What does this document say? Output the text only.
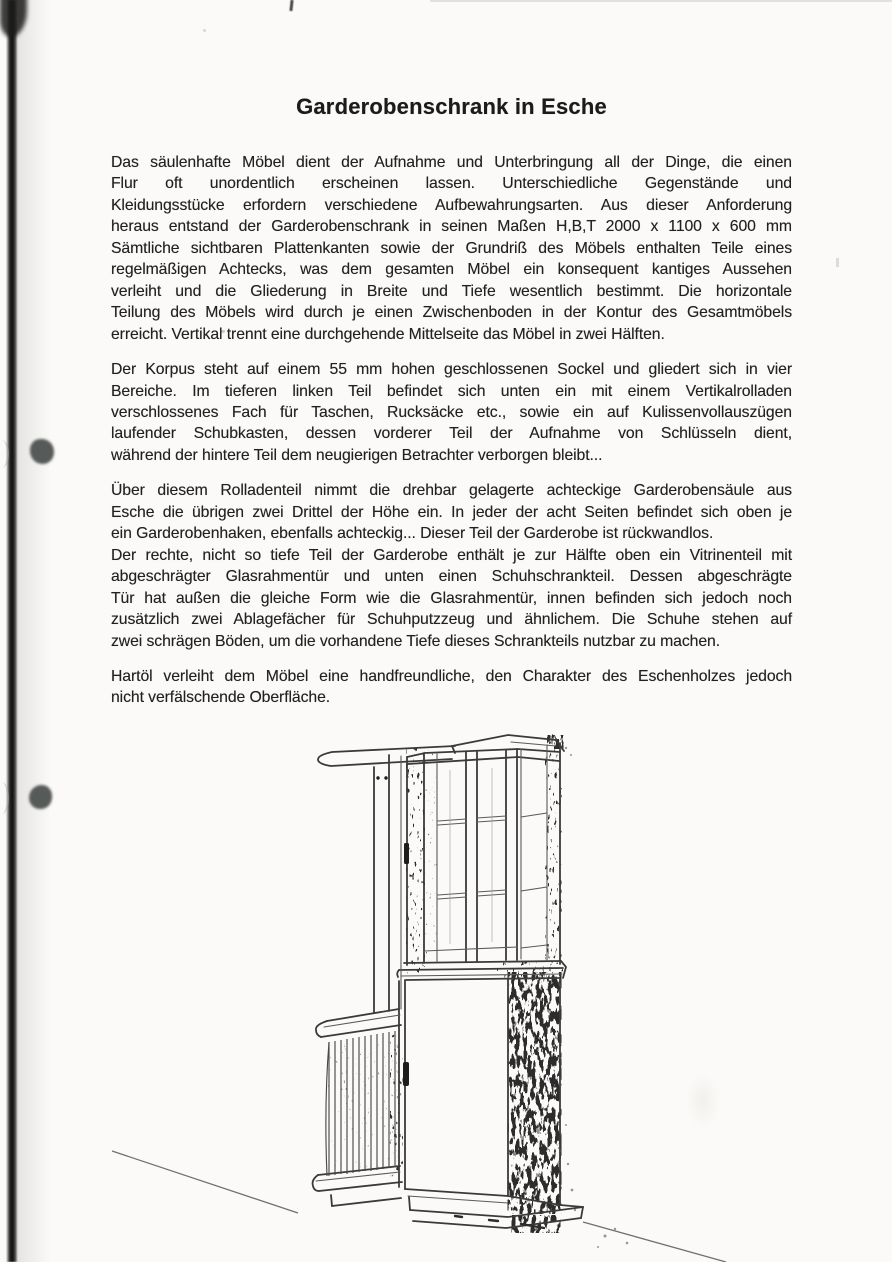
Garderobenschrank in Esche
Das säulenhafte Möbel dient der Aufnahme und Unterbringung all der Dinge, die einen
Flur oft unordentlich erscheinen lassen. Unterschiedliche Gegenstände und
Kleidungsstücke erfordern verschiedene Aufbewahrungsarten. Aus dieser Anforderung
heraus entstand der Garderobenschrank in seinen Maßen H,B,T 2000 x 1100 x 600 mm
Sämtliche sichtbaren Plattenkanten sowie der Grundriß des Möbels enthalten Teile eines
regelmäßigen Achtecks, was dem gesamten Möbel ein konsequent kantiges Aussehen
verleiht und die Gliederung in Breite und Tiefe wesentlich bestimmt. Die horizontale
Teilung des Möbels wird durch je einen Zwischenboden in der Kontur des Gesamtmöbels
erreicht. Vertikal trennt eine durchgehende Mittelseite das Möbel in zwei Hälften.
Der Korpus steht auf einem 55 mm hohen geschlossenen Sockel und gliedert sich in vier
Bereiche. Im tieferen linken Teil befindet sich unten ein mit einem Vertikalrolladen
verschlossenes Fach für Taschen, Rucksäcke etc., sowie ein auf Kulissenvollauszügen
laufender Schubkasten, dessen vorderer Teil der Aufnahme von Schlüsseln dient,
während der hintere Teil dem neugierigen Betrachter verborgen bleibt...
Über diesem Rolladenteil nimmt die drehbar gelagerte achteckige Garderobensäule aus
Esche die übrigen zwei Drittel der Höhe ein. In jeder der acht Seiten befindet sich oben je
ein Garderobenhaken, ebenfalls achteckig... Dieser Teil der Garderobe ist rückwandlos.
Der rechte, nicht so tiefe Teil der Garderobe enthält je zur Hälfte oben ein Vitrinenteil mit
abgeschrägter Glasrahmentür und unten einen Schuhschrankteil. Dessen abgeschrägte
Tür hat außen die gleiche Form wie die Glasrahmentür, innen befinden sich jedoch noch
zusätzlich zwei Ablagefächer für Schuhputzzeug und ähnlichem. Die Schuhe stehen auf
zwei schrägen Böden, um die vorhandene Tiefe dieses Schrankteils nutzbar zu machen.
Hartöl verleiht dem Möbel eine handfreundliche, den Charakter des Eschenholzes jedoch
nicht verfälschende Oberfläche.
